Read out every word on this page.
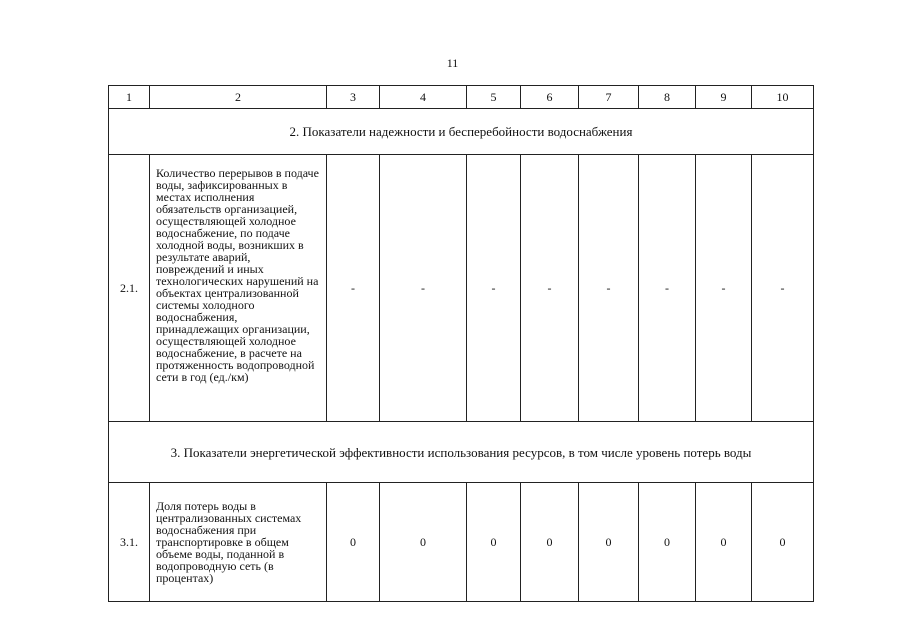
11
1	2	3	4	5	6	7	8	9	10
2. Показатели надежности и бесперебойности водоснабжения									
2.1.	Количество перерывов в подаче воды, зафиксированных в местах исполнения обязательств организацией, осуществляющей холодное водоснабжение, по подаче холодной воды, возникших в результате аварий, повреждений и иных технологических нарушений на объектах централизованной системы холодного водоснабжения, принадлежащих организации, осуществляющей холодное водоснабжение, в расчете на протяженность водопроводной сети в год (ед./км)	-	-	-	-	-	-	-	-
3. Показатели энергетической эффективности использования ресурсов, в том числе уровень потерь воды									
3.1.	Доля потерь воды в централизованных системах водоснабжения при транспортировке в общем объеме воды, поданной в водопроводную сеть (в процентах)	0	0	0	0	0	0	0	0
